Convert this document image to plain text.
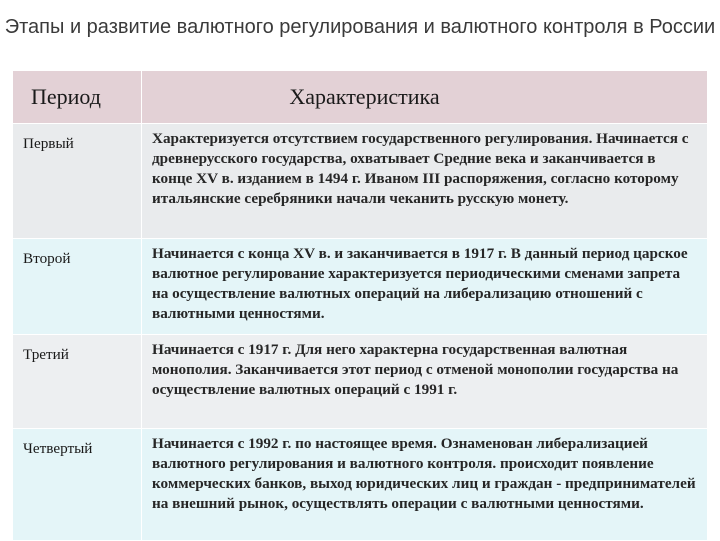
Этапы и развитие валютного регулирования и валютного контроля в России
Период	Характеристика
Первый	Характеризуется отсутствием государственного регулирования. Начинается с древнерусского государства, охватывает Средние века и заканчивается в конце XV в. изданием в 1494 г. Иваном III распоряжения, согласно которому итальянские серебряники начали чеканить русскую монету.
Второй	Начинается с конца XV в. и заканчивается в 1917 г. В данный период царское валютное регулирование характеризуется периодическими сменами запрета на осуществление валютных операций на либерализацию отношений с валютными ценностями.
Третий	Начинается с 1917 г. Для него характерна государственная валютная монополия. Заканчивается этот период с отменой монополии государства на осуществление валютных операций с 1991 г.
Четвертый	Начинается с 1992 г. по настоящее время. Ознаменован либерализацией валютного регулирования и валютного контроля. происходит появление коммерческих банков, выход юридических лиц и граждан - предпринимателей на внешний рынок, осуществлять операции с валютными ценностями.
